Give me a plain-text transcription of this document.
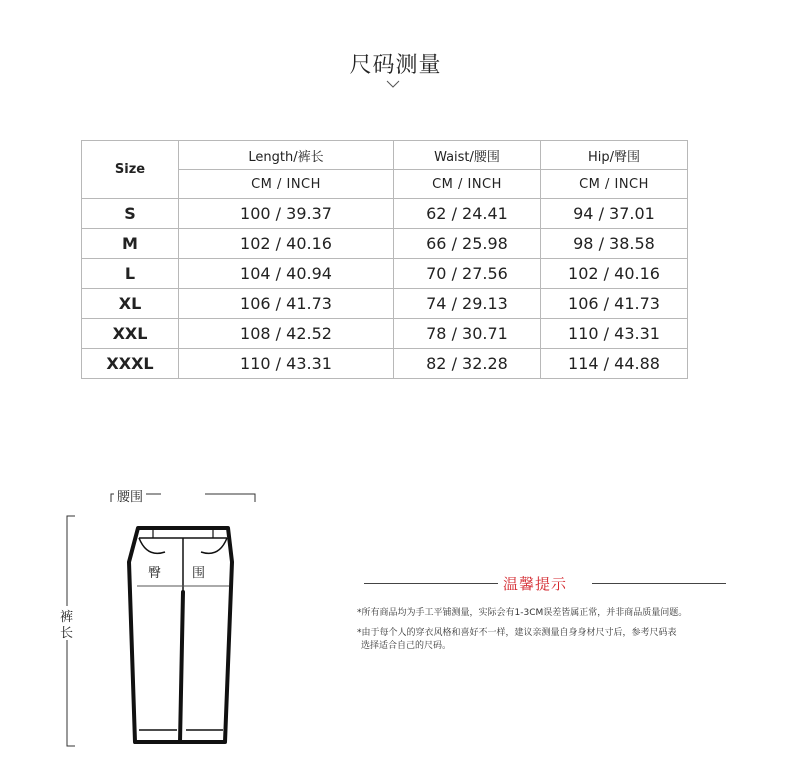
尺码测量
Size	Length/裤长	Waist/腰围	Hip/臀围
	CM / INCH	CM / INCH	CM / INCH
S	100 / 39.37	62 / 24.41	94 / 37.01
M	102 / 40.16	66 / 25.98	98 / 38.58
L	104 / 40.94	70 / 27.56	102 / 40.16
XL	106 / 41.73	74 / 29.13	106 / 41.73
XXL	108 / 42.52	78 / 30.71	110 / 43.31
XXXL	110 / 43.31	82 / 32.28	114 / 44.88
腰围
臀 围
裤
长
温馨提示
*所有商品均为手工平铺测量，实际会有1-3CM误差皆属正常，并非商品质量问题。
*由于每个人的穿衣风格和喜好不一样，建议亲测量自身身材尺寸后，参考尺码表
选择适合自己的尺码。
